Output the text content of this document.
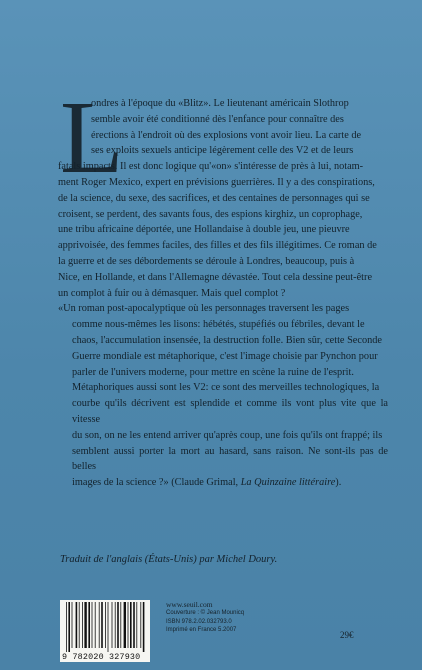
L
ondres à l'époque du «Blitz». Le lieutenant américain Slothrop
semble avoir été conditionné dès l'enfance pour connaître des
érections à l'endroit où des explosions vont avoir lieu. La carte de
ses exploits sexuels anticipe légèrement celle des V2 et de leurs
fatals impacts. Il est donc logique qu'«on» s'intéresse de près à lui, notam-
ment Roger Mexico, expert en prévisions guerrières. Il y a des conspirations,
de la science, du sexe, des sacrifices, et des centaines de personnages qui se
croisent, se perdent, des savants fous, des espions kirghiz, un coprophage,
une tribu africaine déportée, une Hollandaise à double jeu, une pieuvre
apprivoisée, des femmes faciles, des filles et des fils illégitimes. Ce roman de
la guerre et de ses débordements se déroule à Londres, beaucoup, puis à
Nice, en Hollande, et dans l'Allemagne dévastée. Tout cela dessine peut-être
un complot à fuir ou à démasquer. Mais quel complot ?
«Un roman post-apocalyptique où les personnages traversent les pages
comme nous-mêmes les lisons: hébétés, stupéfiés ou fébriles, devant le
chaos, l'accumulation insensée, la destruction folle. Bien sûr, cette Seconde
Guerre mondiale est métaphorique, c'est l'image choisie par Pynchon pour
parler de l'univers moderne, pour mettre en scène la ruine de l'esprit.
Métaphoriques aussi sont les V2: ce sont des merveilles technologiques, la
courbe qu'ils décrivent est splendide et comme ils vont plus vite que la vitesse
du son, on ne les entend arriver qu'après coup, une fois qu'ils ont frappé; ils
semblent aussi porter la mort au hasard, sans raison. Ne sont-ils pas de belles
images de la science ?» (Claude Grimal, La Quinzaine littéraire).
Traduit de l'anglais (États-Unis) par Michel Doury.
9 782020 327930
www.seuil.com
Couverture : © Jean Mounicq
ISBN 978.2.02.032793.0
Imprimé en France 5.2007
29€
